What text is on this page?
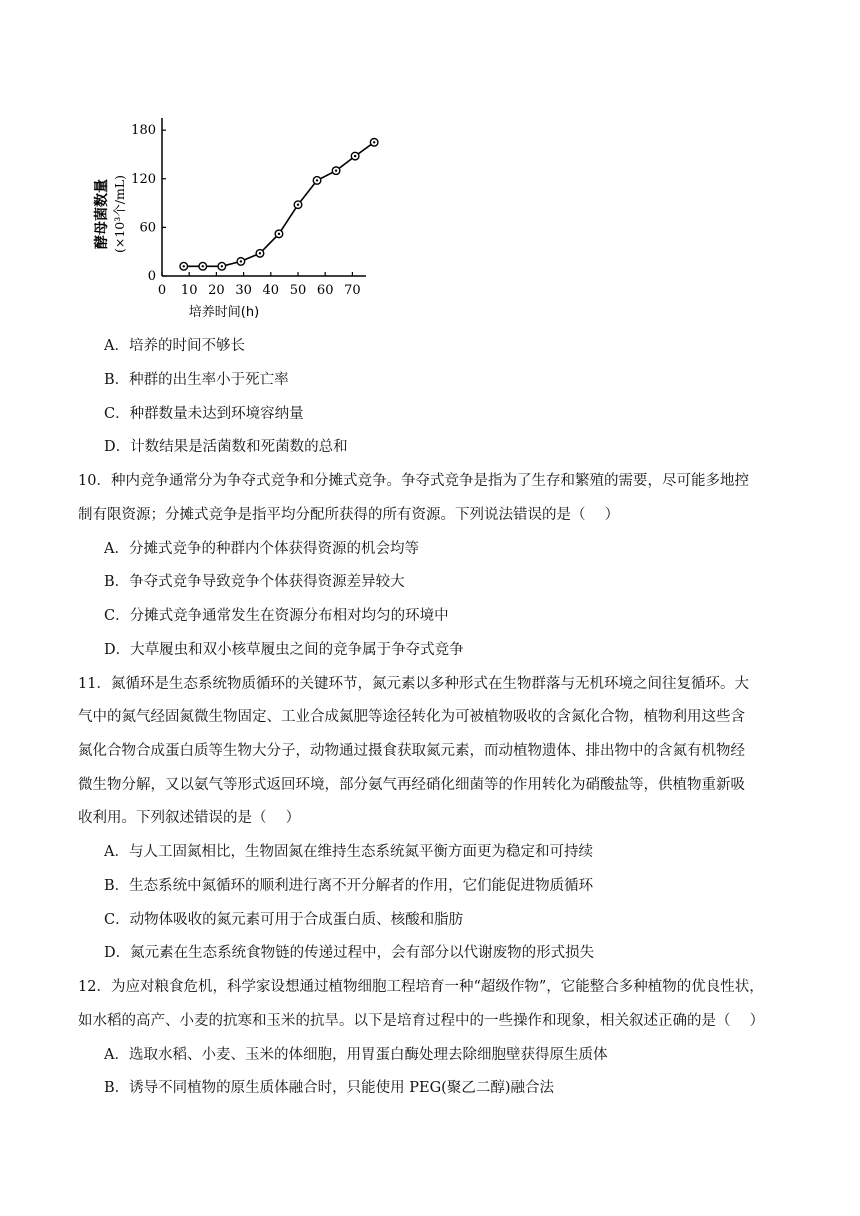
0
60
120
180
0 10 20 30 40 50 60 70
酵母菌数量 (×10³个/mL)
培养时间(h)
A．培养的时间不够长
B．种群的出生率小于死亡率
C．种群数量未达到环境容纳量
D．计数结果是活菌数和死菌数的总和
10．种内竞争通常分为争夺式竞争和分摊式竞争。争夺式竞争是指为了生存和繁殖的需要，尽可能多地控
制有限资源；分摊式竞争是指平均分配所获得的所有资源。下列说法错误的是（　 ）
A．分摊式竞争的种群内个体获得资源的机会均等
B．争夺式竞争导致竞争个体获得资源差异较大
C．分摊式竞争通常发生在资源分布相对均匀的环境中
D．大草履虫和双小核草履虫之间的竞争属于争夺式竞争
11．氮循环是生态系统物质循环的关键环节，氮元素以多种形式在生物群落与无机环境之间往复循环。大
气中的氮气经固氮微生物固定、工业合成氮肥等途径转化为可被植物吸收的含氮化合物，植物利用这些含
氮化合物合成蛋白质等生物大分子，动物通过摄食获取氮元素，而动植物遗体、排出物中的含氮有机物经
微生物分解，又以氨气等形式返回环境，部分氨气再经硝化细菌等的作用转化为硝酸盐等，供植物重新吸
收利用。下列叙述错误的是（　 ）
A．与人工固氮相比，生物固氮在维持生态系统氮平衡方面更为稳定和可持续
B．生态系统中氮循环的顺利进行离不开分解者的作用，它们能促进物质循环
C．动物体吸收的氮元素可用于合成蛋白质、核酸和脂肪
D．氮元素在生态系统食物链的传递过程中，会有部分以代谢废物的形式损失
12．为应对粮食危机，科学家设想通过植物细胞工程培育一种“超级作物”，它能整合多种植物的优良性状，
如水稻的高产、小麦的抗寒和玉米的抗旱。以下是培育过程中的一些操作和现象，相关叙述正确的是（　 ）
A．选取水稻、小麦、玉米的体细胞，用胃蛋白酶处理去除细胞壁获得原生质体
B．诱导不同植物的原生质体融合时，只能使用 PEG(聚乙二醇)融合法
